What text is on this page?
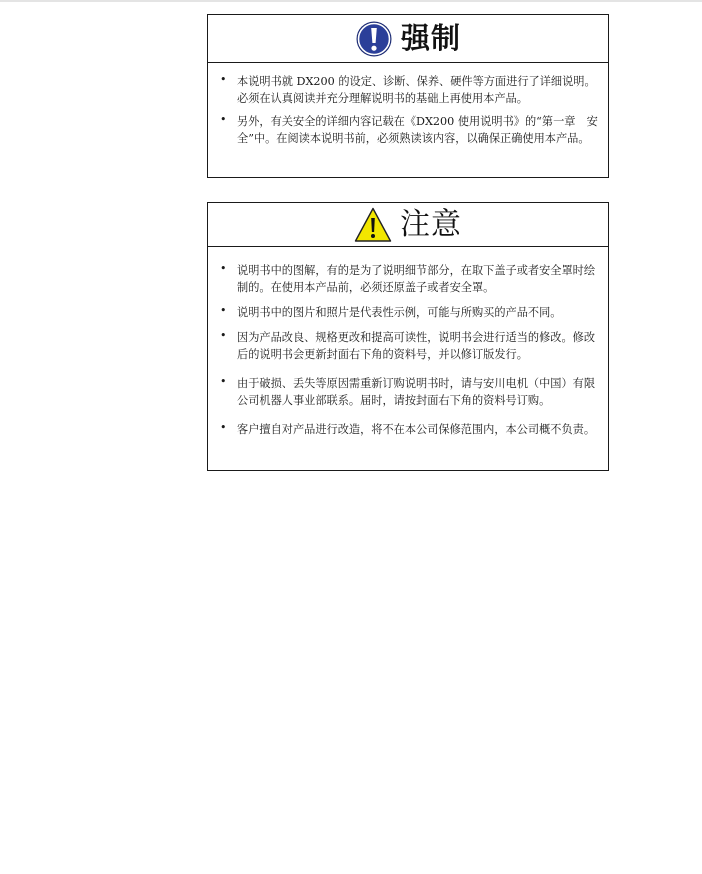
强制
• 本说明书就 DX200 的设定、诊断、保养、硬件等方面进行了详细说明。必须在认真阅读并充分理解说明书的基础上再使用本产品。
• 另外，有关安全的详细内容记载在《DX200 使用说明书》的“第一章　安全”中。在阅读本说明书前，必须熟读该内容，以确保正确使用本产品。
注意
• 说明书中的图解，有的是为了说明细节部分，在取下盖子或者安全罩时绘制的。在使用本产品前，必须还原盖子或者安全罩。
• 说明书中的图片和照片是代表性示例，可能与所购买的产品不同。
• 因为产品改良、规格更改和提高可读性，说明书会进行适当的修改。修改后的说明书会更新封面右下角的资料号，并以修订版发行。
• 由于破损、丢失等原因需重新订购说明书时，请与安川电机（中国）有限公司机器人事业部联系。届时，请按封面右下角的资料号订购。
• 客户擅自对产品进行改造，将不在本公司保修范围内，本公司概不负责。
